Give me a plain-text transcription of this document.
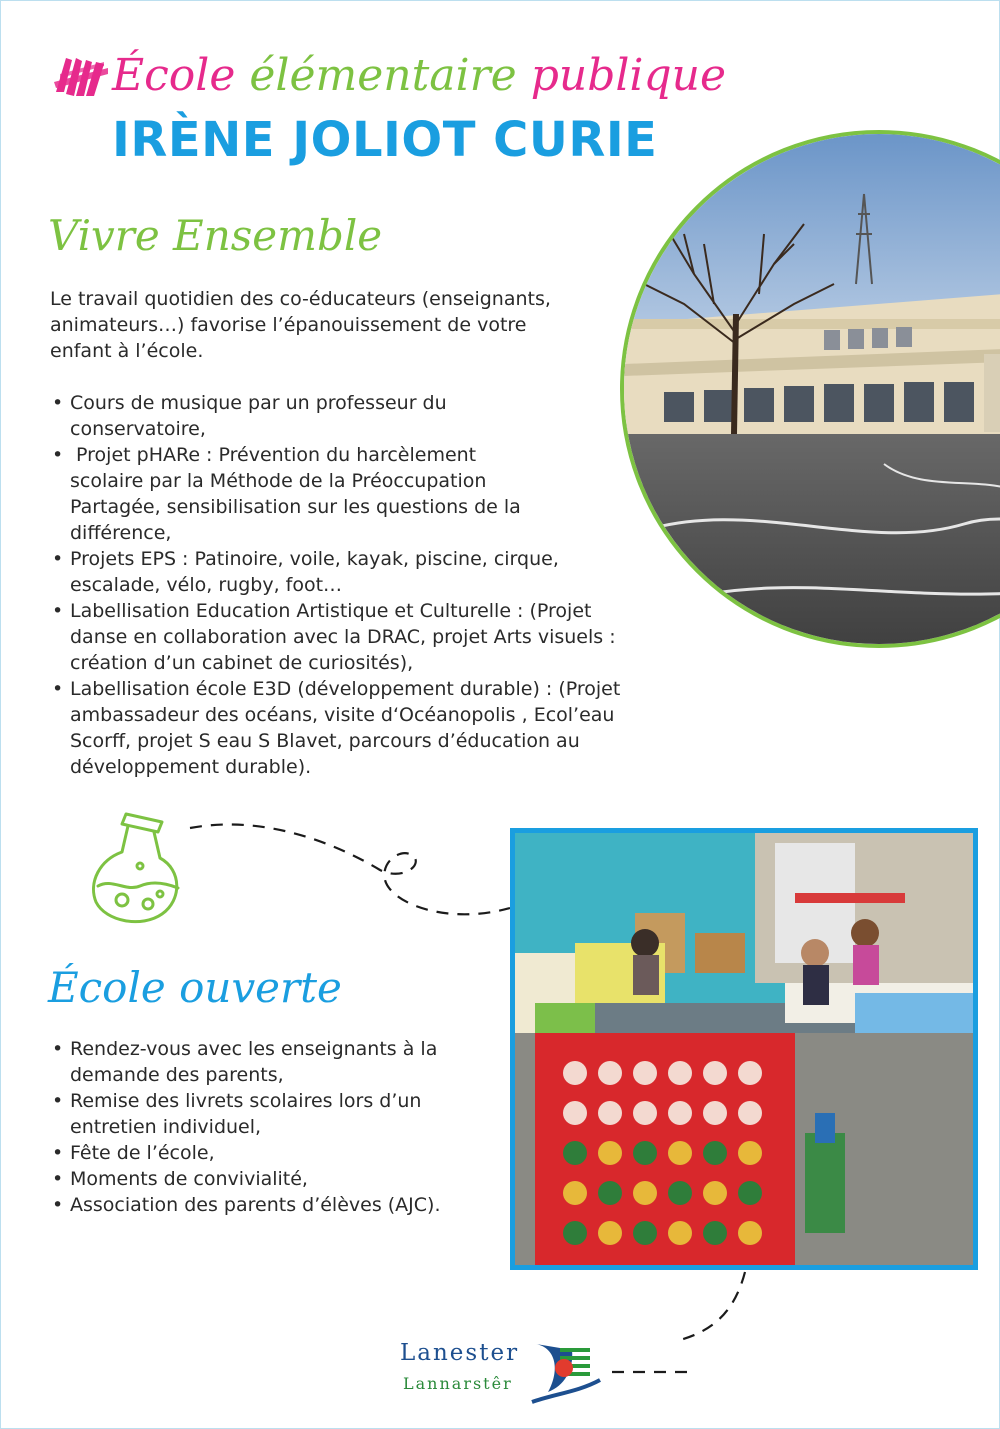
École élémentaire publique
IRÈNE JOLIOT CURIE
Vivre Ensemble
Le travail quotidien des co-éducateurs (enseignants,
animateurs…) favorise l’épanouissement de votre
enfant à l’école.
• Cours de musique par un professeur du
conservatoire,
•  Projet pHARe : Prévention du harcèlement
scolaire par la Méthode de la Préoccupation
Partagée, sensibilisation sur les questions de la
différence,
• Projets EPS : Patinoire, voile, kayak, piscine, cirque,
escalade, vélo, rugby, foot…
• Labellisation Education Artistique et Culturelle : (Projet
danse en collaboration avec la DRAC, projet Arts visuels :
création d’un cabinet de curiosités),
• Labellisation école E3D (développement durable) : (Projet
ambassadeur des océans, visite d‘Océanopolis , Ecol’eau
Scorff, projet S eau S Blavet, parcours d’éducation au
développement durable).
École ouverte
• Rendez-vous avec les enseignants à la
demande des parents,
• Remise des livrets scolaires lors d’un
entretien individuel,
• Fête de l’école,
• Moments de convivialité,
• Association des parents d’élèves (AJC).
Lanester
Lannarstêr
